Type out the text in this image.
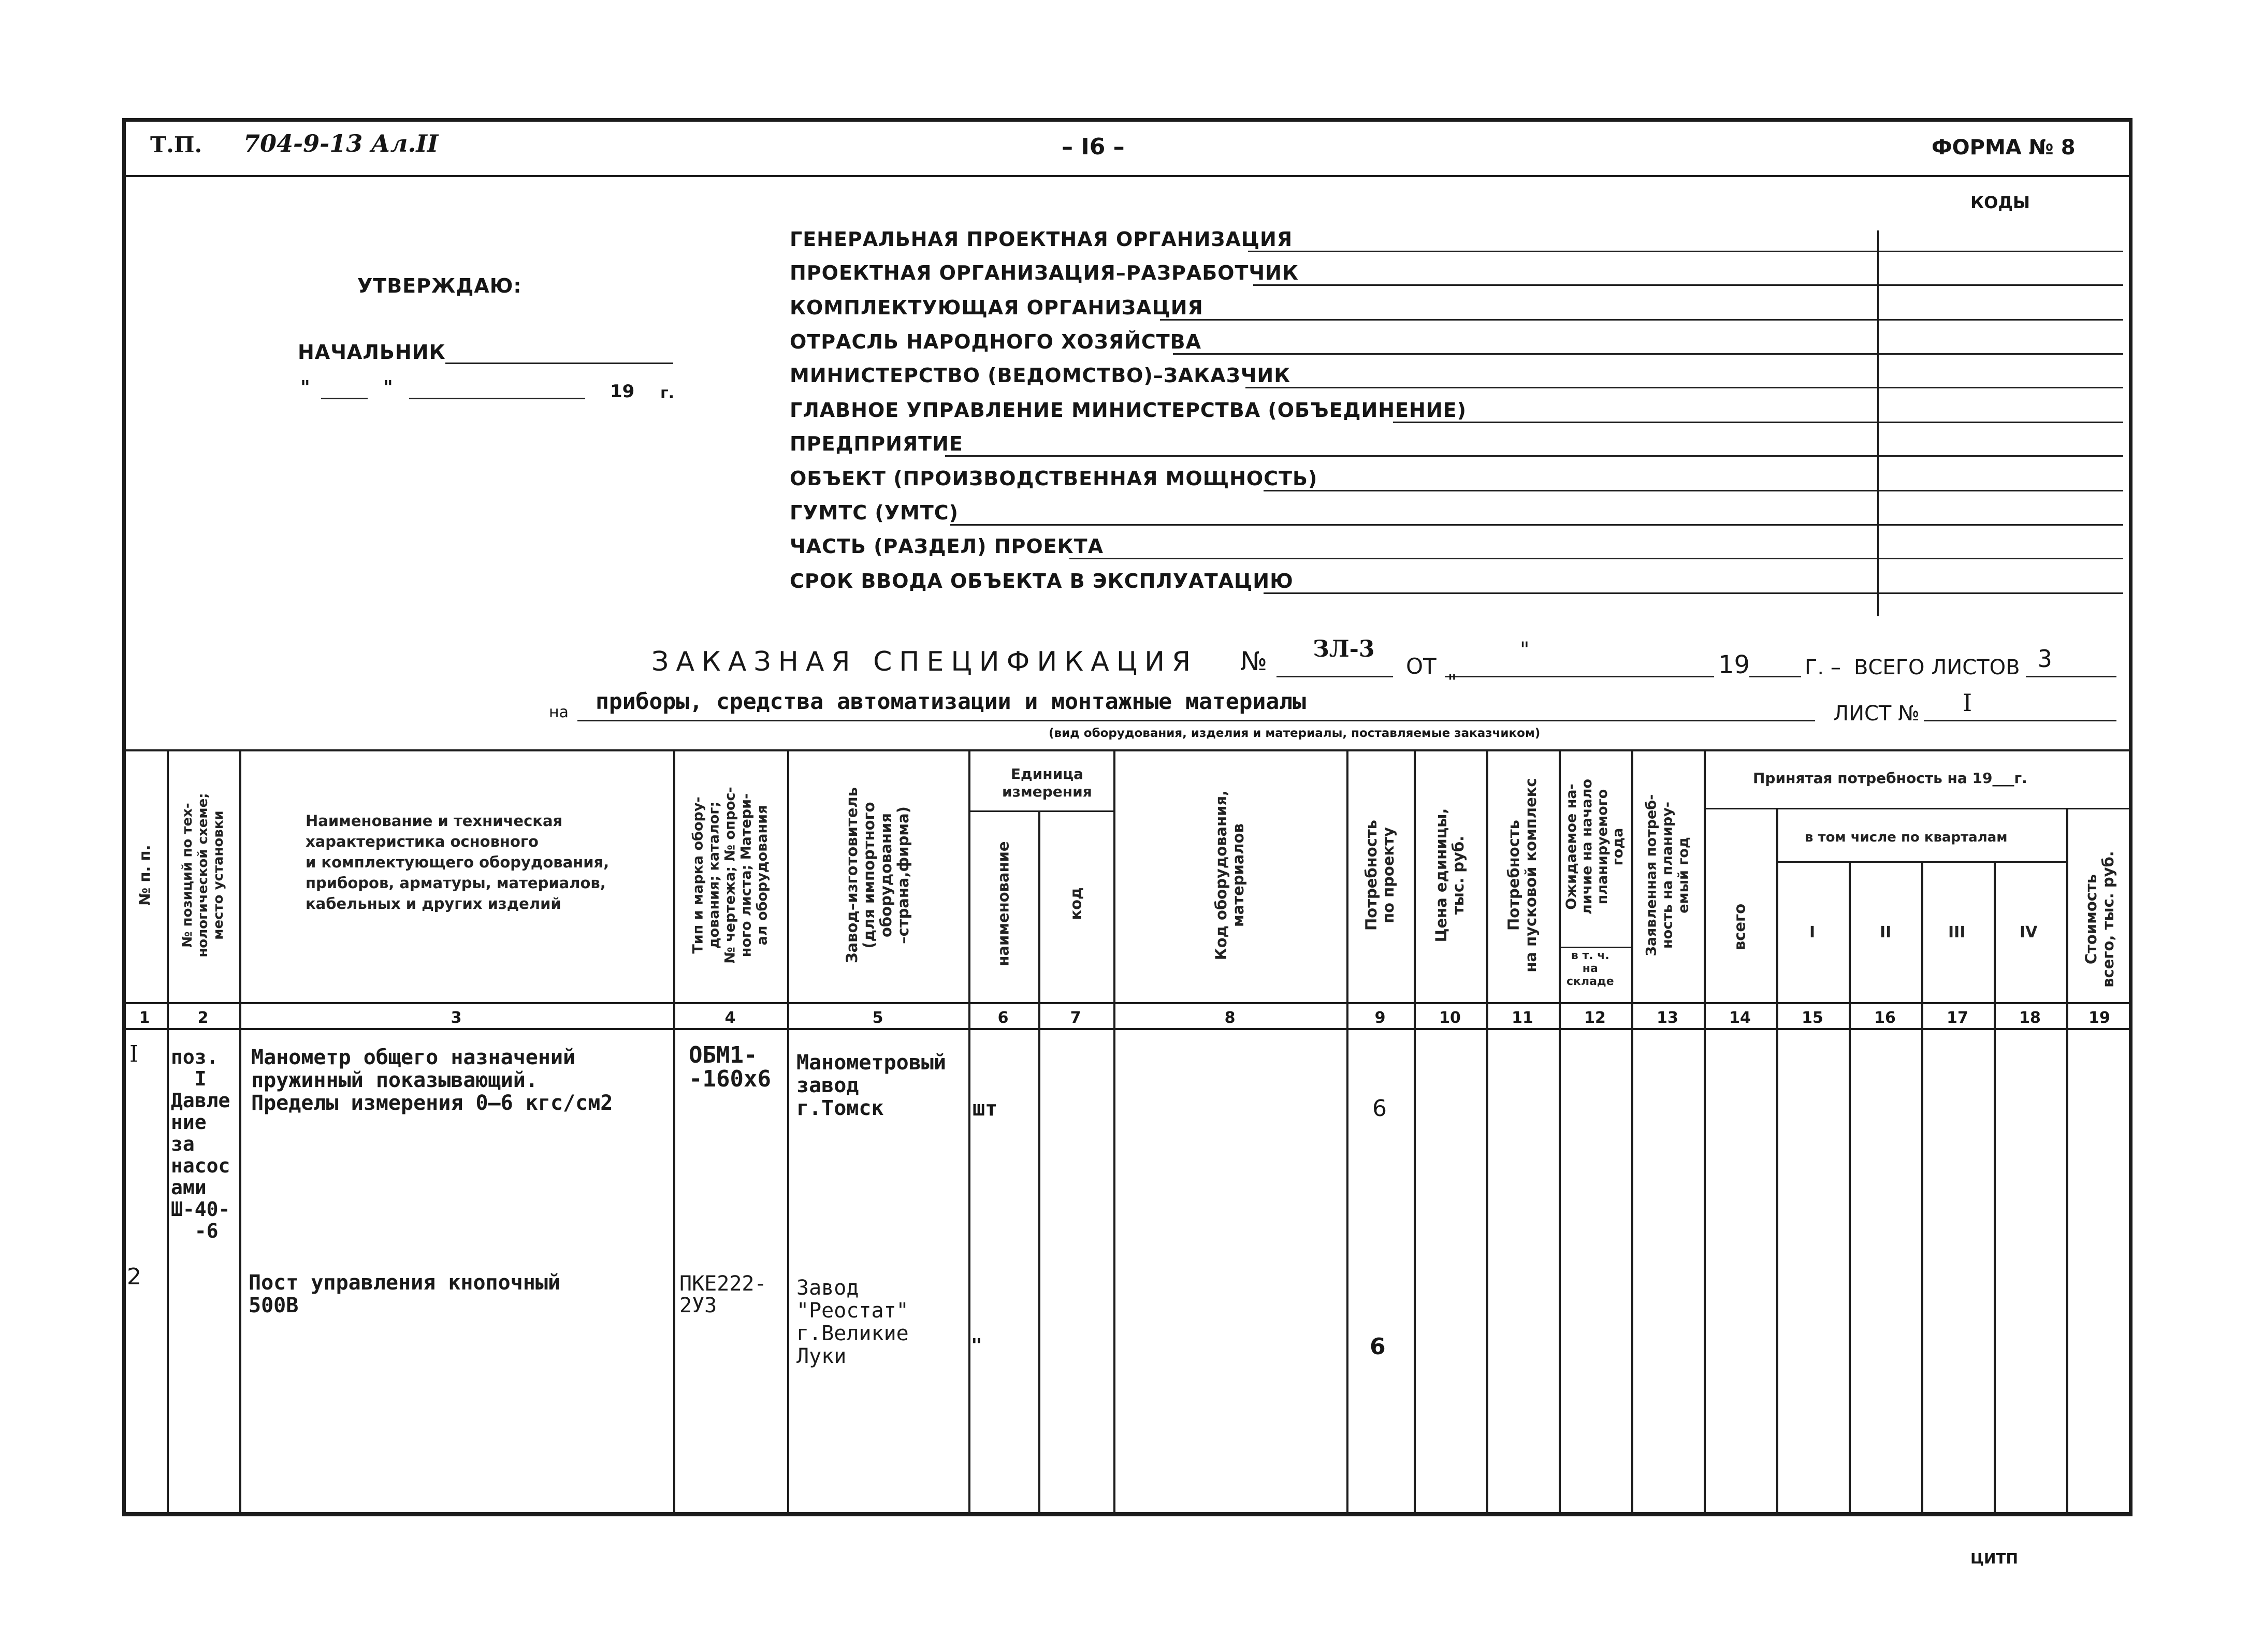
Т.П. 704-9-13 Ал.II	– I6 –	ФОРМА № 8
КОДЫ
УТВЕРЖДАЮ:
НАЧАЛЬНИК
"	"	19 г.
ГЕНЕРАЛЬНАЯ ПРОЕКТНАЯ ОРГАНИЗАЦИЯ
ПРОЕКТНАЯ ОРГАНИЗАЦИЯ–РАЗРАБОТЧИК
КОМПЛЕКТУЮЩАЯ ОРГАНИЗАЦИЯ
ОТРАСЛЬ НАРОДНОГО ХОЗЯЙСТВА
МИНИСТЕРСТВО (ВЕДОМСТВО)–ЗАКАЗЧИК
ГЛАВНОЕ УПРАВЛЕНИЕ МИНИСТЕРСТВА (ОБЪЕДИНЕНИЕ)
ПРЕДПРИЯТИЕ
ОБЪЕКТ (ПРОИЗВОДСТВЕННАЯ МОЩНОСТЬ)
ГУМТС (УМТС)
ЧАСТЬ (РАЗДЕЛ) ПРОЕКТА
СРОК ВВОДА ОБЪЕКТА В ЭКСПЛУАТАЦИЮ
ЗАКАЗНАЯ СПЕЦИФИКАЦИЯ № ЗЛ-3
ОТ
"
"
19	Г. – ВСЕГО ЛИСТОВ 3
на приборы, средства автоматизации и монтажные материалы
(вид оборудования, изделия и материалы, поставляемые заказчиком)
ЛИСТ № I
№ п. п.
№ позиций по тех-
нологической схеме;
место установки	Наименование и техническая
характеристика основного
и комплектующего оборудования,
приборов, арматуры, материалов,
кабельных и других изделий
Тип и марка обору-
дования; каталог;
№ чертежа; № опрос-
ного листа; Матери-
ал оборудования	Завод–изготовитель
(для импортного
оборудования
–страна,фирма)
Единица
измерения
наименование	код
Код оборудования,
материалов	Потребность
по проекту
Цена единицы,
тыс. руб.	Потребность
на пусковой комплекс Ожидаемое на-
личие на начало
планируемого
года
в т. ч.
на
складе
Заявленная потреб-
ность на планиру-
емый год
Принятая потребность на 19___г.
всего
в том числе по кварталам
I	II	III	IV	Стоимость
всего, тыс. руб.
1	2	3	4	5	6	7	8	9	10	11	12	13	14	15	16	17	18	19
I поз.
I
Давле
ние
за
насос
ами
Ш-40-
-6
Манометр общего назначений
пружинный показывающий.
Пределы измерения 0–6 кгс/см2
ОБМ1-
-160х6
Манометровый
завод
г.Томск	шт	6
2	Пост управления кнопочный
500В
ПКЕ222-
2УЗ
Завод
"Реостат"
г.Великие
Луки	"	6
ЦИТП
